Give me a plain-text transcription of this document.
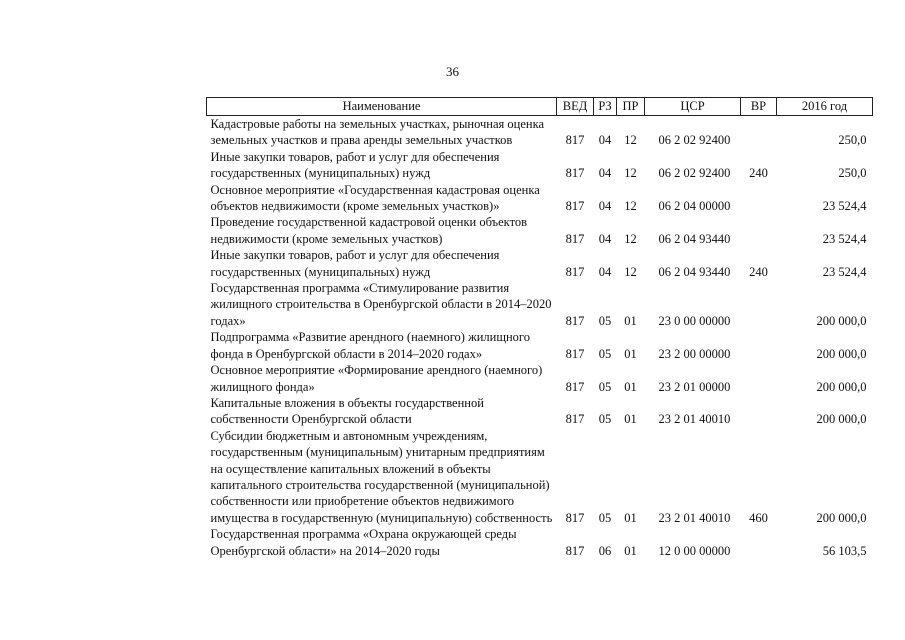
36
Наименование	ВЕД	РЗ	ПР	ЦСР	ВР	2016 год
Кадастровые работы на земельных участках, рыночная оценка земельных участков и права аренды земельных участков	817	04	12	06 2 02 92400		250,0
Иные закупки товаров, работ и услуг для обеспечения государственных (муниципальных) нужд	817	04	12	06 2 02 92400	240	250,0
Основное мероприятие «Государственная кадастровая оценка объектов недвижимости (кроме земельных участков)»	817	04	12	06 2 04 00000		23 524,4
Проведение государственной кадастровой оценки объектов недвижимости (кроме земельных участков)	817	04	12	06 2 04 93440		23 524,4
Иные закупки товаров, работ и услуг для обеспечения государственных (муниципальных) нужд	817	04	12	06 2 04 93440	240	23 524,4
Государственная программа «Стимулирование развития жилищного строительства в Оренбургской области в 2014–2020 годах»	817	05	01	23 0 00 00000		200 000,0
Подпрограмма «Развитие арендного (наемного) жилищного фонда в Оренбургской области в 2014–2020 годах»	817	05	01	23 2 00 00000		200 000,0
Основное мероприятие «Формирование арендного (наемного) жилищного фонда»	817	05	01	23 2 01 00000		200 000,0
Капитальные вложения в объекты государственной собственности Оренбургской области	817	05	01	23 2 01 40010		200 000,0
Субсидии бюджетным и автономным учреждениям, государственным (муниципальным) унитарным предприятиям на осуществление капитальных вложений в объекты капитального строительства государственной (муниципальной) собственности или приобретение объектов недвижимого имущества в государственную (муниципальную) собственность	817	05	01	23 2 01 40010	460	200 000,0
Государственная программа «Охрана окружающей среды Оренбургской области» на 2014–2020 годы	817	06	01	12 0 00 00000		56 103,5
